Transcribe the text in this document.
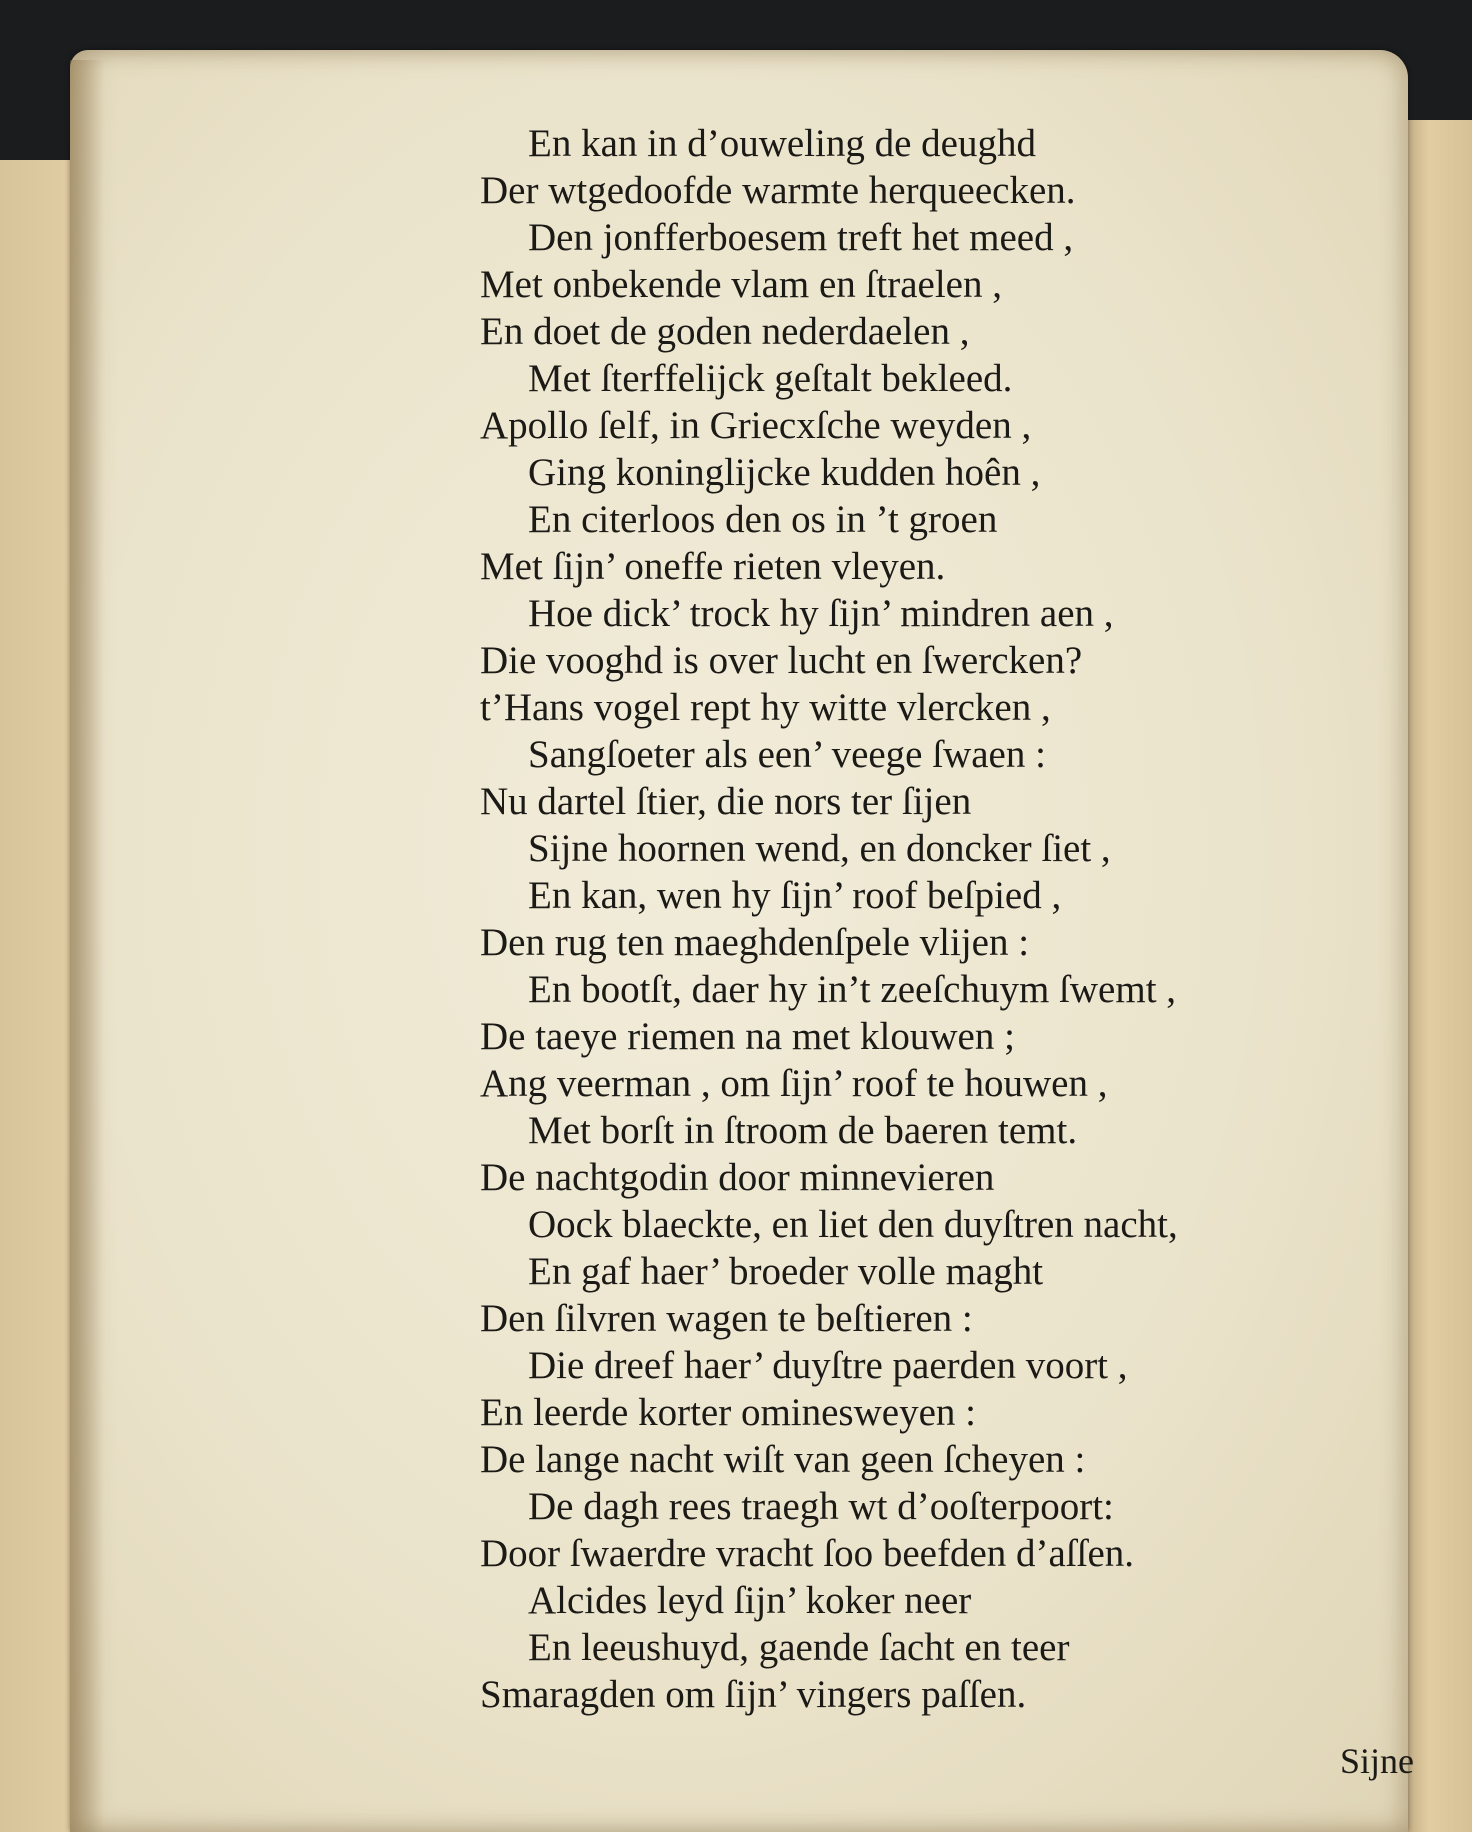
En kan in d’ouweling de deughd
Der wtgedoofde warmte herqueecken.
Den jonfferboesem treft het meed ,
Met onbekende vlam en ſtraelen ,
En doet de goden nederdaelen ,
Met ſterffelijck geſtalt bekleed.
Apollo ſelf, in Griecxſche weyden ,
Ging koninglijcke kudden hoên ,
En citerloos den os in ’t groen
Met ſijn’ oneffe rieten vleyen.
Hoe dick’ trock hy ſijn’ mindren aen ,
Die vooghd is over lucht en ſwercken?
t’Hans vogel rept hy witte vlercken ,
Sangſoeter als een’ veege ſwaen :
Nu dartel ſtier, die nors ter ſijen
Sijne hoornen wend, en doncker ſiet ,
En kan, wen hy ſijn’ roof beſpied ,
Den rug ten maeghdenſpele vlijen :
En bootſt, daer hy in’t zeeſchuym ſwemt ,
De taeye riemen na met klouwen ;
Ang veerman , om ſijn’ roof te houwen ,
Met borſt in ſtroom de baeren temt.
De nachtgodin door minnevieren
Oock blaeckte, en liet den duyſtren nacht,
En gaf haer’ broeder volle maght
Den ſilvren wagen te beſtieren :
Die dreef haer’ duyſtre paerden voort ,
En leerde korter ominesweyen :
De lange nacht wiſt van geen ſcheyen :
De dagh rees traegh wt d’ooſterpoort:
Door ſwaerdre vracht ſoo beefden d’aſſen.
Alcides leyd ſijn’ koker neer
En leeushuyd, gaende ſacht en teer
Smaragden om ſijn’ vingers paſſen.
Sijne
